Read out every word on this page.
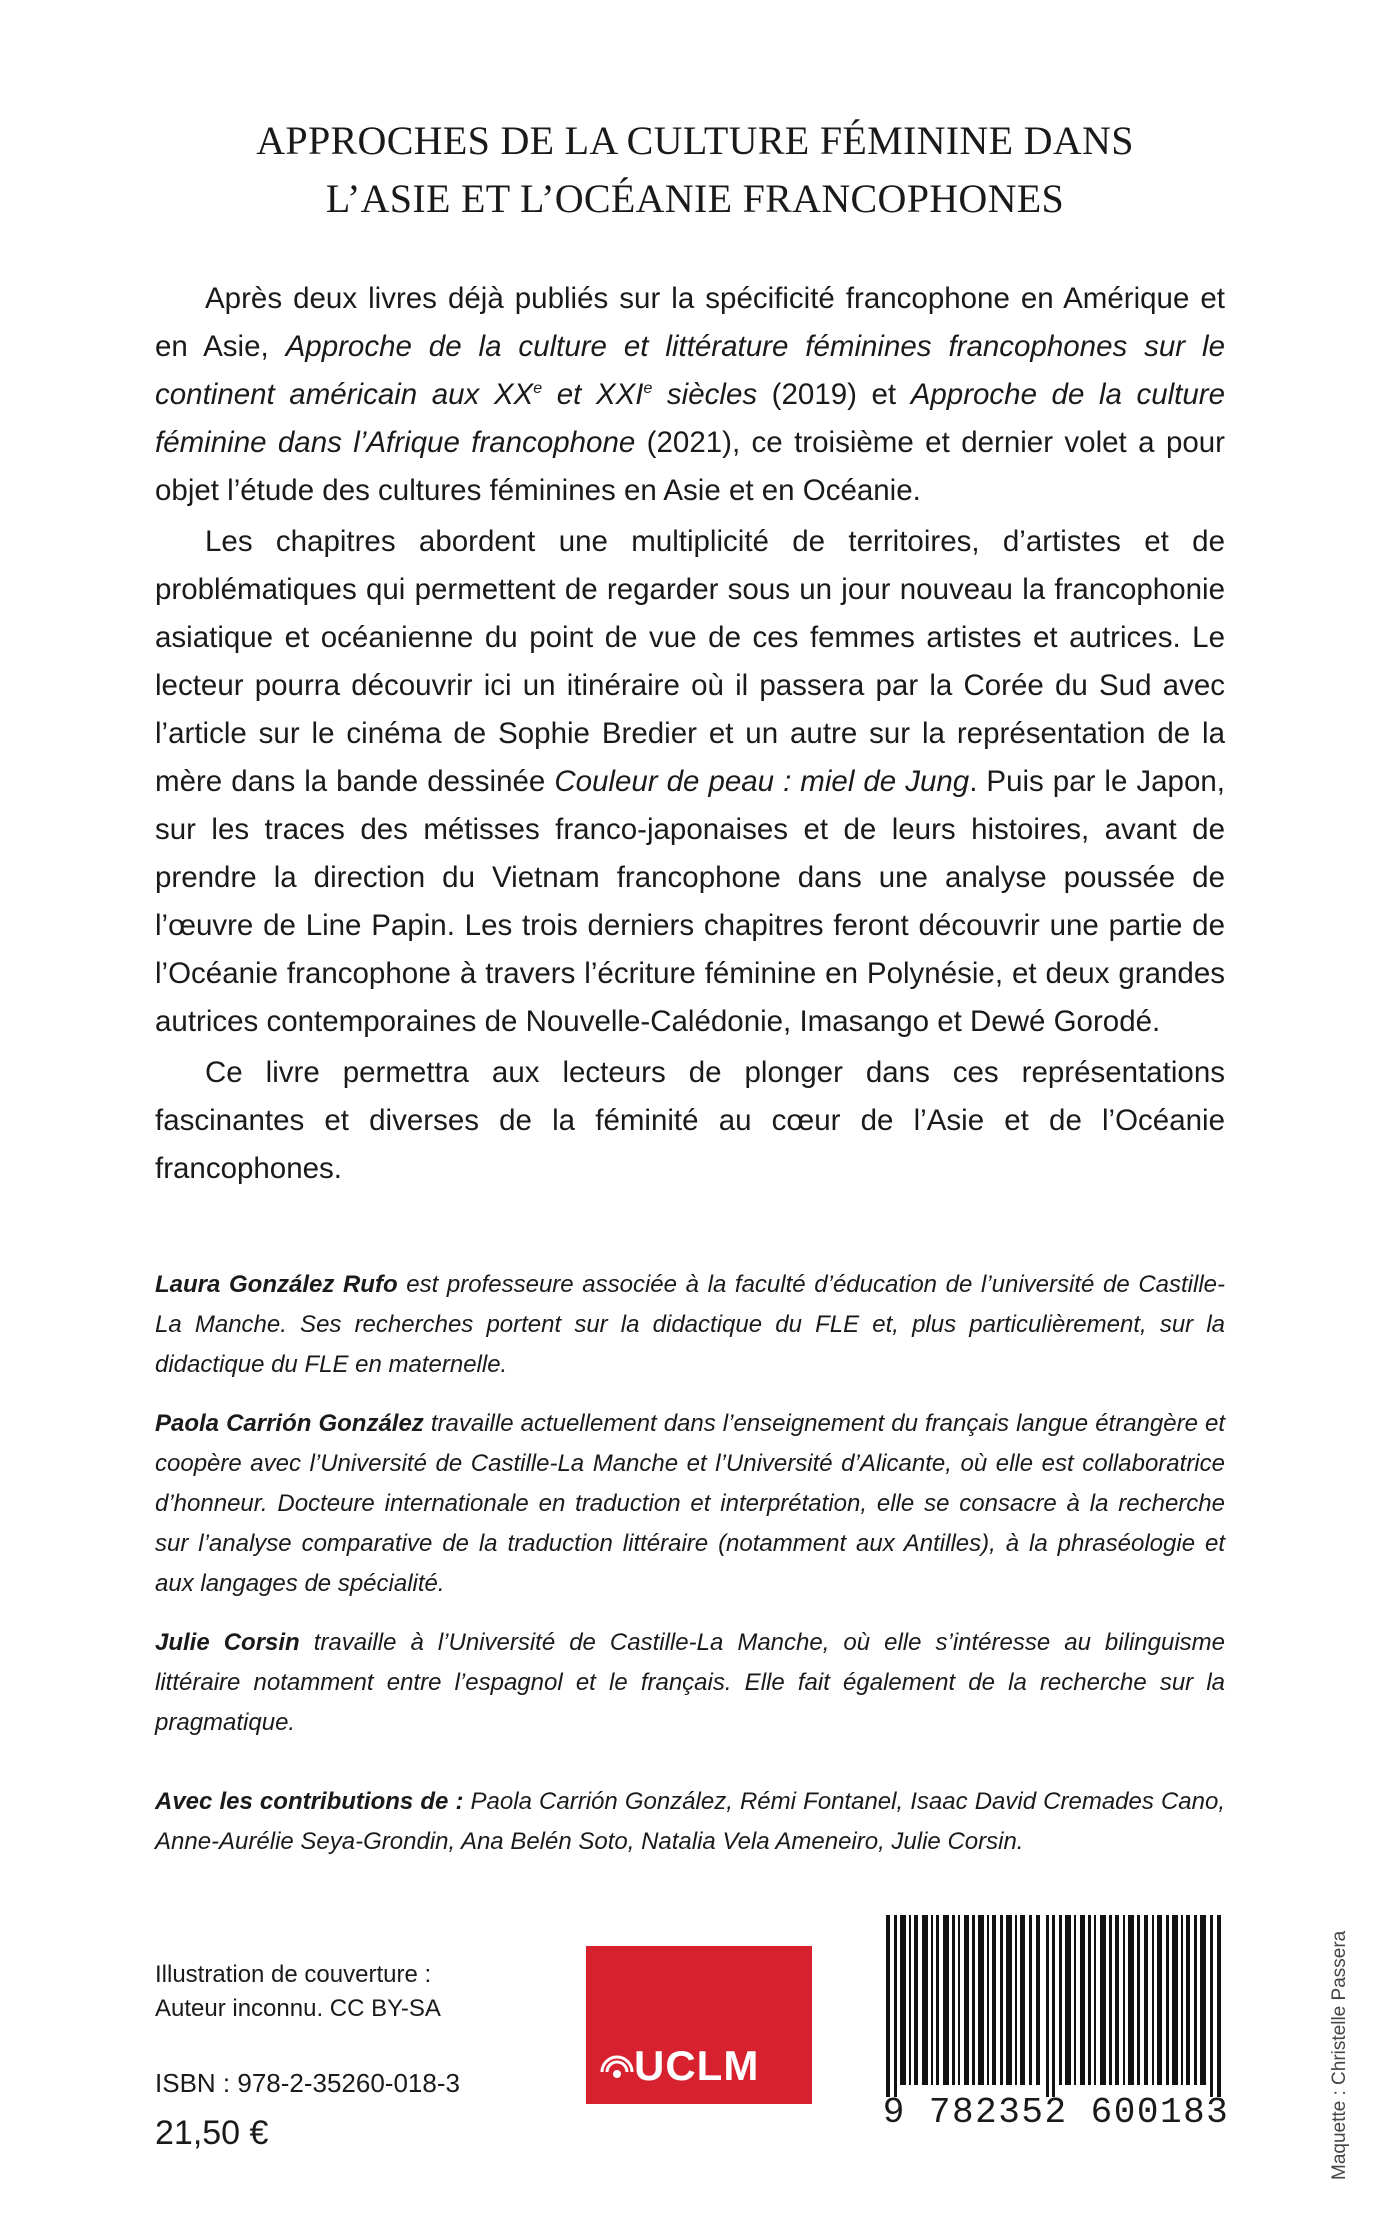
APPROCHES DE LA CULTURE FÉMININE DANS
L’ASIE ET L’OCÉANIE FRANCOPHONES

Après deux livres déjà publiés sur la spécificité francophone en Amérique et en Asie, Approche de la culture et littérature féminines francophones sur le continent américain aux XXe et XXIe siècles (2019) et Approche de la culture féminine dans l’Afrique francophone (2021), ce troisième et dernier volet a pour objet l’étude des cultures féminines en Asie et en Océanie.

Les chapitres abordent une multiplicité de territoires, d’artistes et de problématiques qui permettent de regarder sous un jour nouveau la francophonie asiatique et océanienne du point de vue de ces femmes artistes et autrices. Le lecteur pourra découvrir ici un itinéraire où il passera par la Corée du Sud avec l’article sur le cinéma de Sophie Bredier et un autre sur la représentation de la mère dans la bande dessinée Couleur de peau : miel de Jung. Puis par le Japon, sur les traces des métisses franco-japonaises et de leurs histoires, avant de prendre la direction du Vietnam francophone dans une analyse poussée de l’œuvre de Line Papin. Les trois derniers chapitres feront découvrir une partie de l’Océanie francophone à travers l’écriture féminine en Polynésie, et deux grandes autrices contemporaines de Nouvelle-Calédonie, Imasango et Dewé Gorodé.

Ce livre permettra aux lecteurs de plonger dans ces représentations fascinantes et diverses de la féminité au cœur de l’Asie et de l’Océanie francophones.

Laura González Rufo est professeure associée à la faculté d’éducation de l’université de Castille-La Manche. Ses recherches portent sur la didactique du FLE et, plus particulièrement, sur la didactique du FLE en maternelle.

Paola Carrión González travaille actuellement dans l’enseignement du français langue étrangère et coopère avec l’Université de Castille-La Manche et l’Université d’Alicante, où elle est collaboratrice d’honneur. Docteure internationale en traduction et interprétation, elle se consacre à la recherche sur l’analyse comparative de la traduction littéraire (notamment aux Antilles), à la phraséologie et aux langages de spécialité.

Julie Corsin travaille à l’Université de Castille-La Manche, où elle s’intéresse au bilinguisme littéraire notamment entre l’espagnol et le français. Elle fait également de la recherche sur la pragmatique.

Avec les contributions de : Paola Carrión González, Rémi Fontanel, Isaac David Cremades Cano, Anne-Aurélie Seya-Grondin, Ana Belén Soto, Natalia Vela Ameneiro, Julie Corsin.

Illustration de couverture :
Auteur inconnu. CC BY-SA
ISBN : 978-2-35260-018-3
21,50 €
UCLM
9 782352 600183	Maquette : Christelle Passera
